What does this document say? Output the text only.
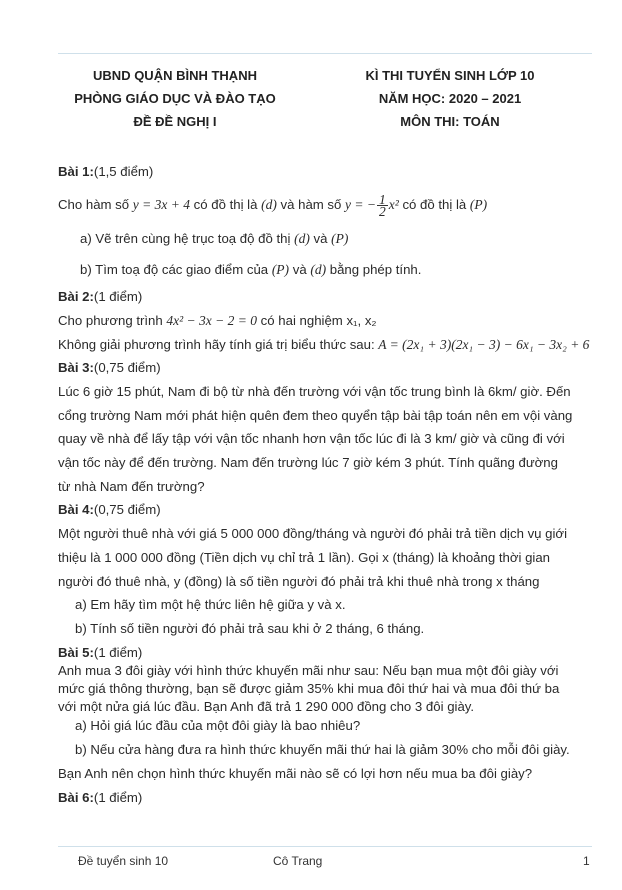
UBND QUẬN BÌNH THẠNH
PHÒNG GIÁO DỤC VÀ ĐÀO TẠO
ĐỀ ĐỀ NGHỊ I
KÌ THI TUYỂN SINH LỚP 10
NĂM HỌC: 2020 – 2021
MÔN THI: TOÁN

Bài 1:(1,5 điểm)

Cho hàm số y = 3x + 4 có đồ thị là (d) và hàm số y = − $\frac{1}{2} x^2$ có đồ thị là (P)

a) Vẽ trên cùng hệ trục toạ độ đồ thị (d) và (P)

b) Tìm toạ độ các giao điểm của (P) và (d) bằng phép tính.

Bài 2:(1 điểm)

Cho phương trình 4x² − 3x − 2 = 0 có hai nghiệm x₁, x₂

Không giải phương trình hãy tính giá trị biểu thức sau: A = (2x₁ + 3)(2x₁ − 3) − 6x₁ − 3x₂ + 6

Bài 3:(0,75 điểm)

Lúc 6 giờ 15 phút, Nam đi bộ từ nhà đến trường với vận tốc trung bình là 6km/ giờ. Đến

cổng trường Nam mới phát hiện quên đem theo quyển tập bài tập toán nên em vội vàng

quay về nhà để lấy tập với vận tốc nhanh hơn vận tốc lúc đi là 3 km/ giờ và cũng đi với

vận tốc này để đến trường. Nam đến trường lúc 7 giờ kém 3 phút. Tính quãng đường

từ nhà Nam đến trường?

Bài 4:(0,75 điểm)

Một người thuê nhà với giá 5 000 000 đồng/tháng và người đó phải trả tiền dịch vụ giới

thiệu là 1 000 000 đồng (Tiền dịch vụ chỉ trả 1 lần). Gọi x (tháng) là khoảng thời gian

người đó thuê nhà, y (đồng) là số tiền người đó phải trả khi thuê nhà trong x tháng

a) Em hãy tìm một hệ thức liên hệ giữa y và x.

b) Tính số tiền người đó phải trả sau khi ở 2 tháng, 6 tháng.

Bài 5:(1 điểm)

Anh mua 3 đôi giày với hình thức khuyến mãi như sau: Nếu bạn mua một đôi giày với

mức giá thông thường, bạn sẽ được giảm 35% khi mua đôi thứ hai và mua đôi thứ ba

với một nửa giá lúc đầu. Bạn Anh đã trả 1 290 000 đồng cho 3 đôi giày.

a) Hỏi giá lúc đầu của một đôi giày là bao nhiêu?

b) Nếu cửa hàng đưa ra hình thức khuyến mãi thứ hai là giảm 30% cho mỗi đôi giày.

Bạn Anh nên chọn hình thức khuyến mãi nào sẽ có lợi hơn nếu mua ba đôi giày?

Bài 6:(1 điểm)

Đề tuyển sinh 10	Cô Trang	1
